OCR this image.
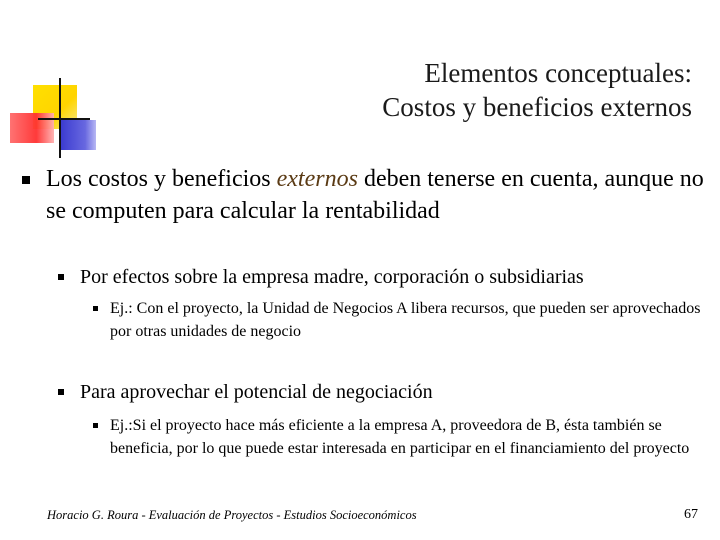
Elementos conceptuales:
Costos y beneficios externos
Los costos y beneficios externos deben tenerse en cuenta, aunque no se computen para calcular la rentabilidad
Por efectos sobre la empresa madre, corporación o subsidiarias
Ej.: Con el proyecto, la Unidad de Negocios A libera recursos, que pueden ser aprovechados por otras unidades de negocio
Para aprovechar el potencial de negociación
Ej.:Si el proyecto hace más eficiente a la empresa A, proveedora de B, ésta también se beneficia, por lo que puede estar interesada en participar en el financiamiento del proyecto
Horacio G. Roura - Evaluación de Proyectos - Estudios Socioeconómicos	67
